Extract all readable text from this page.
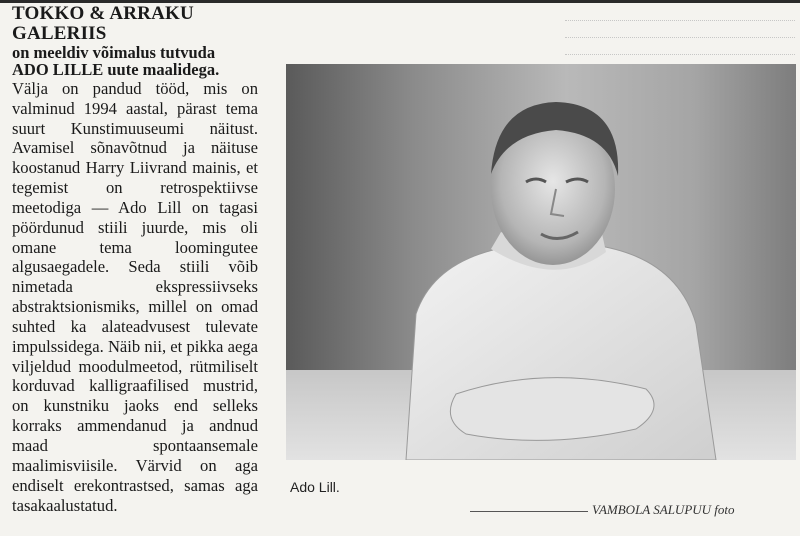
TOKKO & ARRAKU GALERIIS

on meeldiv võimalus tutvuda
ADO LILLE uute maalidega.

Välja on pandud tööd, mis on valminud 1994 aastal, pärast tema suurt Kunstimuuseumi näitust. Avamisel sõnavõtnud ja näituse koostanud Harry Liivrand mainis, et tegemist on retrospektiivse meetodiga — Ado Lill on tagasi pöördunud stiili juurde, mis oli omane tema loomingutee algusaegadele. Seda stiili võib nimetada ekspressiivseks abstraktsionismiks, millel on omad suhted ka alateadvusest tulevate impulssidega. Näib nii, et pikka aega viljeldud moodulmeetod, rütmiliselt korduvad kalligraafilised mustrid, on kunstniku jaoks end selleks korraks ammendanud ja andnud maad spontaansemale maalimisviisile. Värvid on aga endiselt erekontrastsed, samas aga tasakaalustatud.

Ado Lill.
VAMBOLA SALUPUU foto
